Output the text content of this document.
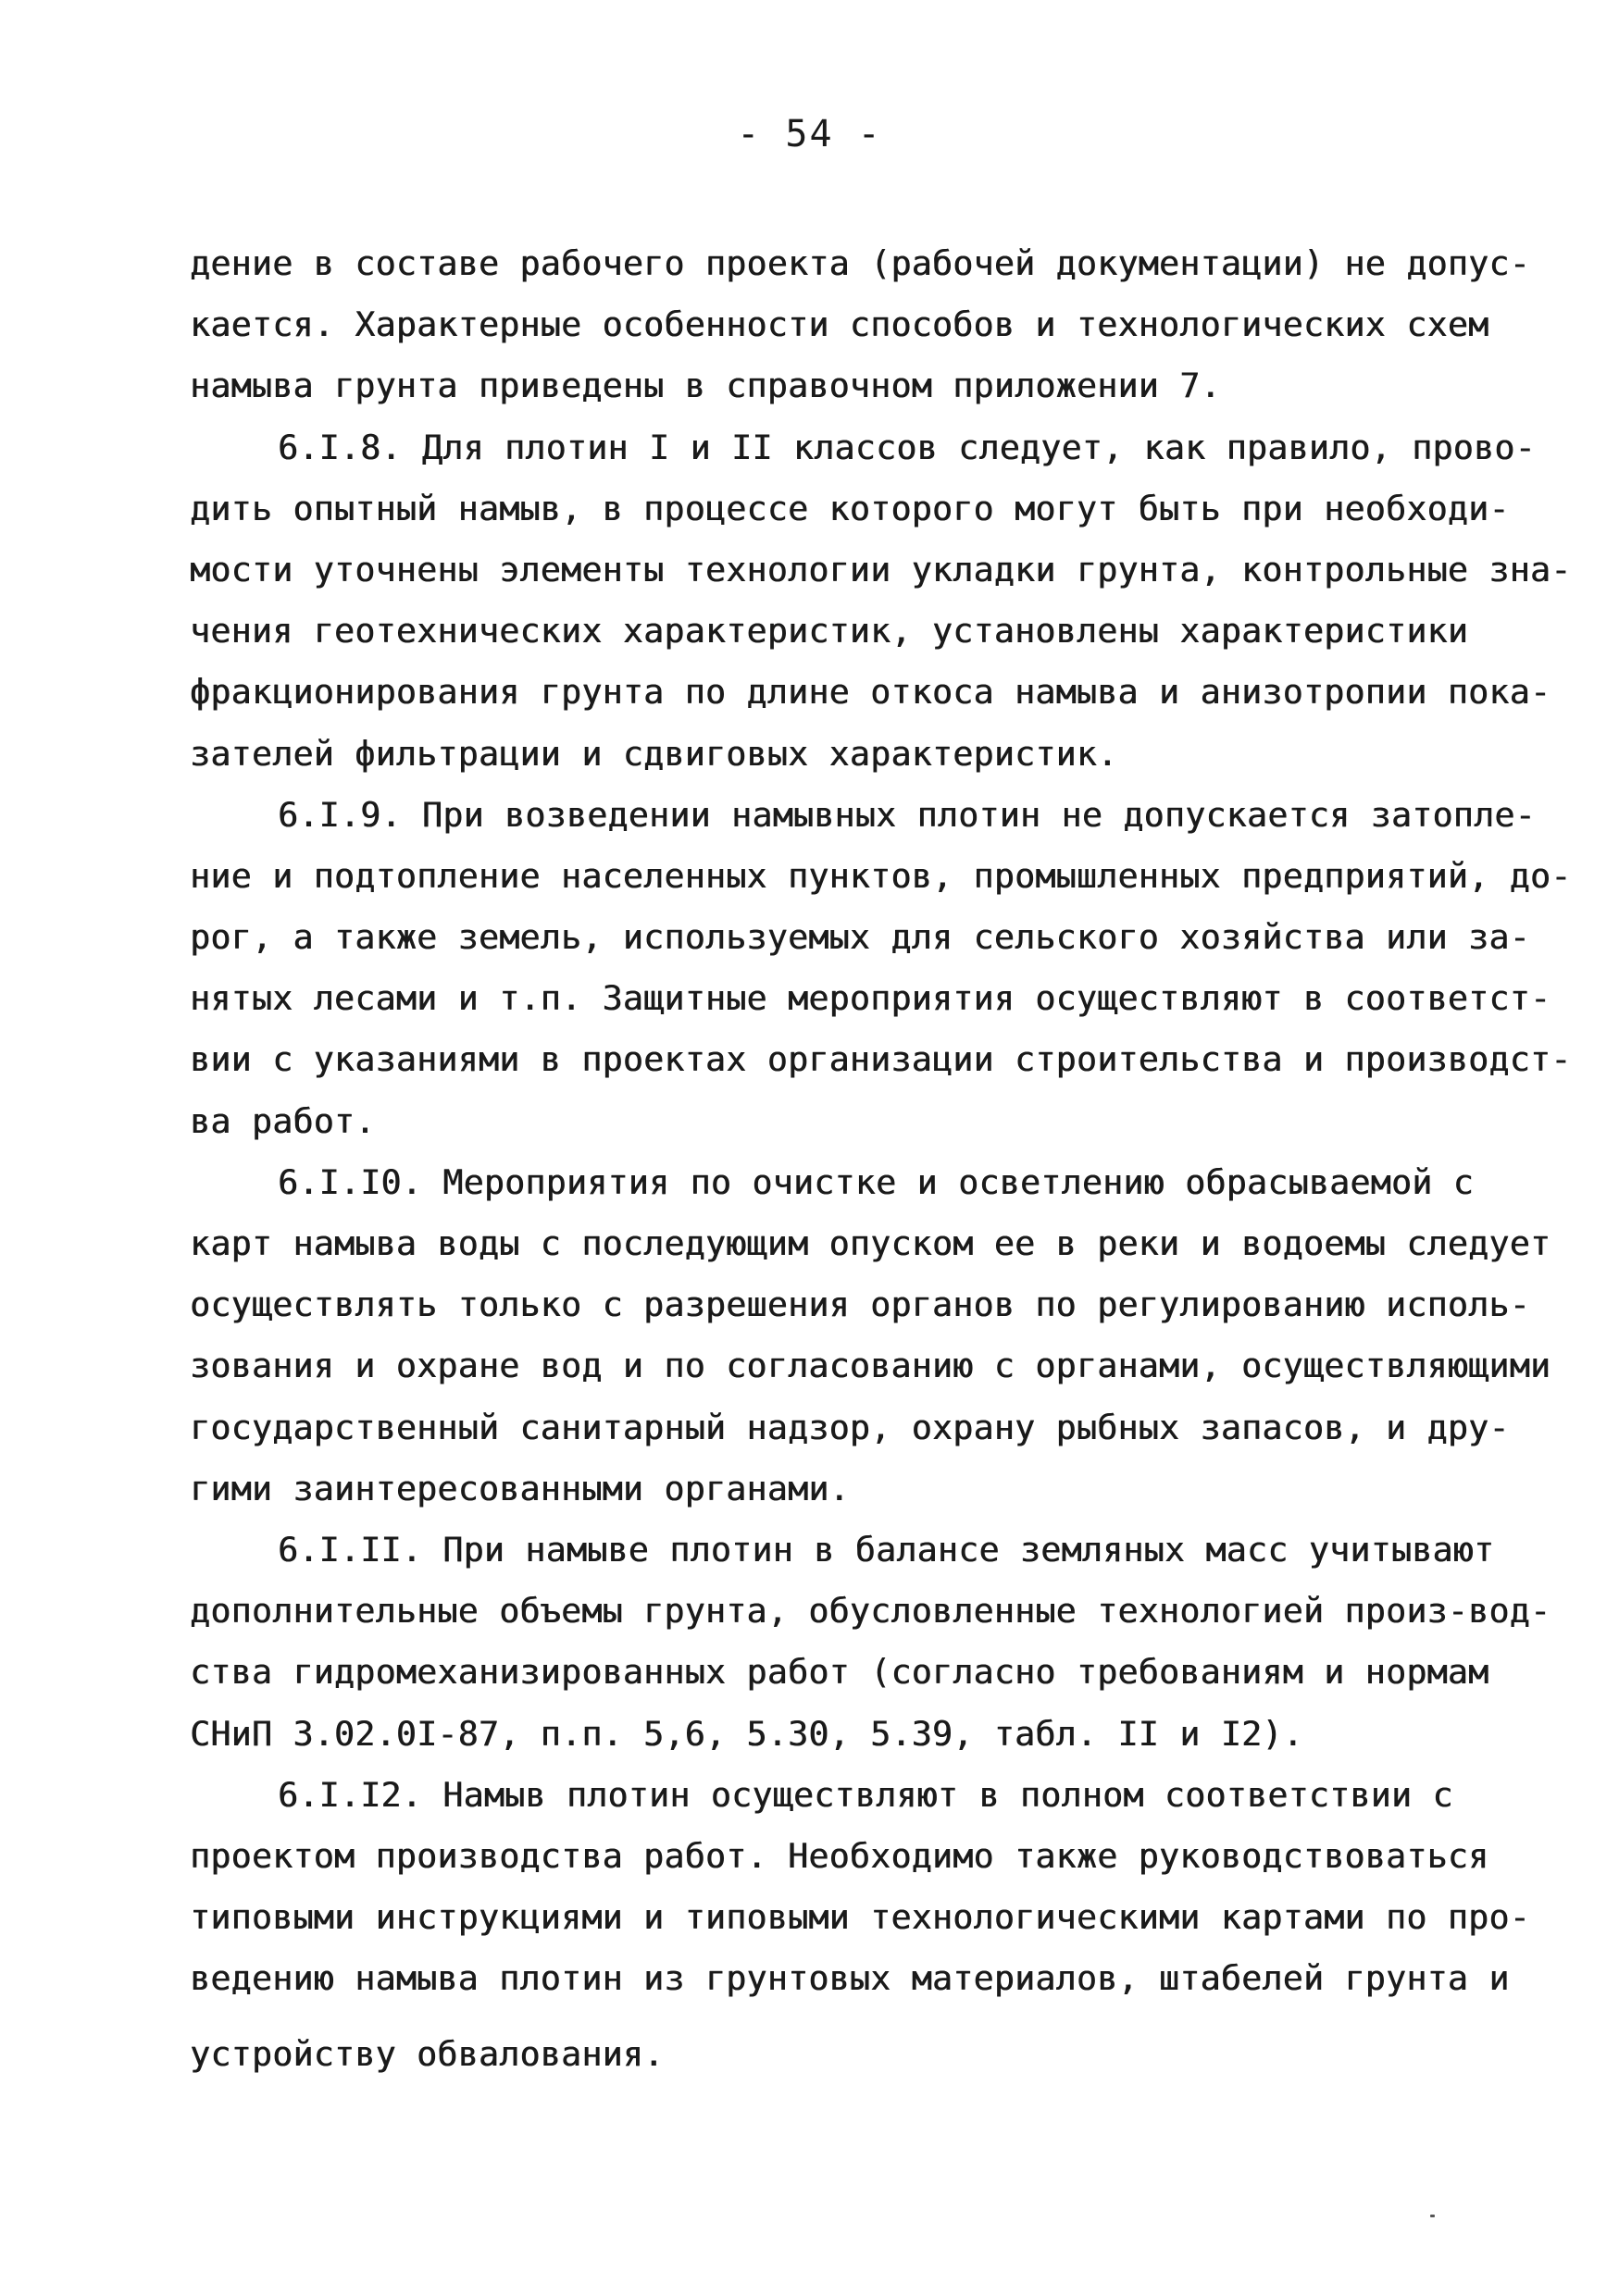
- 54 -
дение в составе рабочего проекта (рабочей документации) не допус-
кается. Характерные особенности способов и технологических схем
намыва грунта приведены в справочном приложении 7.
6.I.8. Для плотин I и II классов следует, как правило, прово-
дить опытный намыв, в процессе которого могут быть при необходи-
мости уточнены элементы технологии укладки грунта, контрольные зна-
чения геотехнических характеристик, установлены характеристики
фракционирования грунта по длине откоса намыва и анизотропии пока-
зателей фильтрации и сдвиговых характеристик.
6.I.9. При возведении намывных плотин не допускается затопле-
ние и подтопление населенных пунктов, промышленных предприятий, до-
рог, а также земель, используемых для сельского хозяйства или за-
нятых лесами и т.п. Защитные мероприятия осуществляют в соответст-
вии с указаниями в проектах организации строительства и производст-
ва работ.
6.I.I0. Мероприятия по очистке и осветлению обрасываемой с
карт намыва воды с последующим опуском ее в реки и водоемы следует
осуществлять только с разрешения органов по регулированию исполь-
зования и охране вод и по согласованию с органами, осуществляющими
государственный санитарный надзор, охрану рыбных запасов, и дру-
гими заинтересованными органами.
6.I.II. При намыве плотин в балансе земляных масс учитывают
дополнительные объемы грунта, обусловленные технологией произ-вод-
ства гидромеханизированных работ (согласно требованиям и нормам
СНиП 3.02.0I-87, п.п. 5,6, 5.30, 5.39, табл. II и I2).
6.I.I2. Намыв плотин осуществляют в полном соответствии с
проектом производства работ. Необходимо также руководствоваться
типовыми инструкциями и типовыми технологическими картами по про-
ведению намыва плотин из грунтовых материалов, штабелей грунта и
устройству обвалования.
